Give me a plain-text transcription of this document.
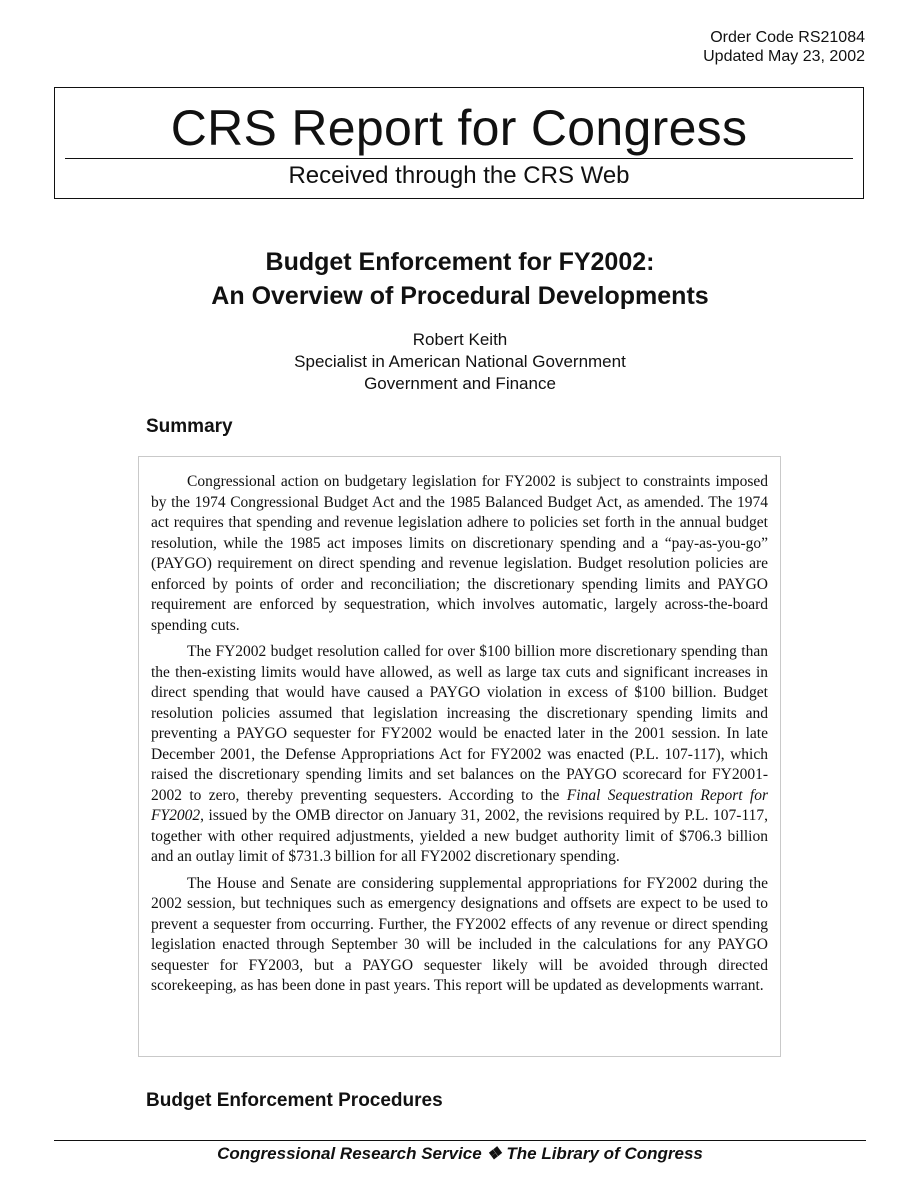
Order Code RS21084
Updated May 23, 2002
CRS Report for Congress
Received through the CRS Web
Budget Enforcement for FY2002:
An Overview of Procedural Developments
Robert Keith
Specialist in American National Government
Government and Finance
Summary

Congressional action on budgetary legislation for FY2002 is subject to constraints imposed by the 1974 Congressional Budget Act and the 1985 Balanced Budget Act, as amended. The 1974 act requires that spending and revenue legislation adhere to policies set forth in the annual budget resolution, while the 1985 act imposes limits on discretionary spending and a “pay-as-you-go” (PAYGO) requirement on direct spending and revenue legislation. Budget resolution policies are enforced by points of order and reconciliation; the discretionary spending limits and PAYGO requirement are enforced by sequestration, which involves automatic, largely across-the-board spending cuts.

The FY2002 budget resolution called for over $100 billion more discretionary spending than the then-existing limits would have allowed, as well as large tax cuts and significant increases in direct spending that would have caused a PAYGO violation in excess of $100 billion. Budget resolution policies assumed that legislation increasing the discretionary spending limits and preventing a PAYGO sequester for FY2002 would be enacted later in the 2001 session. In late December 2001, the Defense Appropriations Act for FY2002 was enacted (P.L. 107-117), which raised the discretionary spending limits and set balances on the PAYGO scorecard for FY2001-2002 to zero, thereby preventing sequesters. According to the Final Sequestration Report for FY2002, issued by the OMB director on January 31, 2002, the revisions required by P.L. 107-117, together with other required adjustments, yielded a new budget authority limit of $706.3 billion and an outlay limit of $731.3 billion for all FY2002 discretionary spending.

The House and Senate are considering supplemental appropriations for FY2002 during the 2002 session, but techniques such as emergency designations and offsets are expect to be used to prevent a sequester from occurring. Further, the FY2002 effects of any revenue or direct spending legislation enacted through September 30 will be included in the calculations for any PAYGO sequester for FY2003, but a PAYGO sequester likely will be avoided through directed scorekeeping, as has been done in past years. This report will be updated as developments warrant.

Budget Enforcement Procedures
Congressional Research Service ❖ The Library of Congress
